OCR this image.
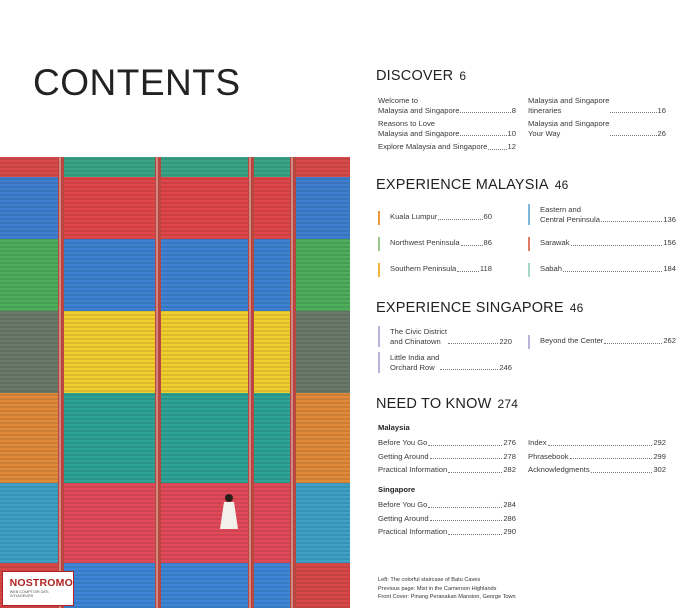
CONTENTS
NOSTROMO
WEB COMPTOIR DES VOYAGEURS
DISCOVER 6
Welcome to
Malaysia and Singapore	8
Reasons to Love
Malaysia and Singapore	10
Explore Malaysia and Singapore	12
Malaysia and Singapore
Itineraries	16
Malaysia and Singapore
Your Way	26
EXPERIENCE MALAYSIA 46
Kuala Lumpur	60
Northwest Peninsula	86
Southern Peninsula	118
Eastern and
Central Peninsula	136
Sarawak	156
Sabah	184
EXPERIENCE SINGAPORE 46
The Civic District
and Chinatown	220
Little India and
Orchard Row	246
Beyond the Center	262
NEED TO KNOW 274
Malaysia
Before You Go	276
Getting Around	278
Practical Information	282
Index	292
Phrasebook	299
Acknowledgments	302
Singapore
Before You Go	284
Getting Around	286
Practical Information	290
Left: The colorful staircase of Batu Caves
Previous page: Mist in the Cameroon Highlands
Front Cover: Pinang Peranakan Mansion, George Town
